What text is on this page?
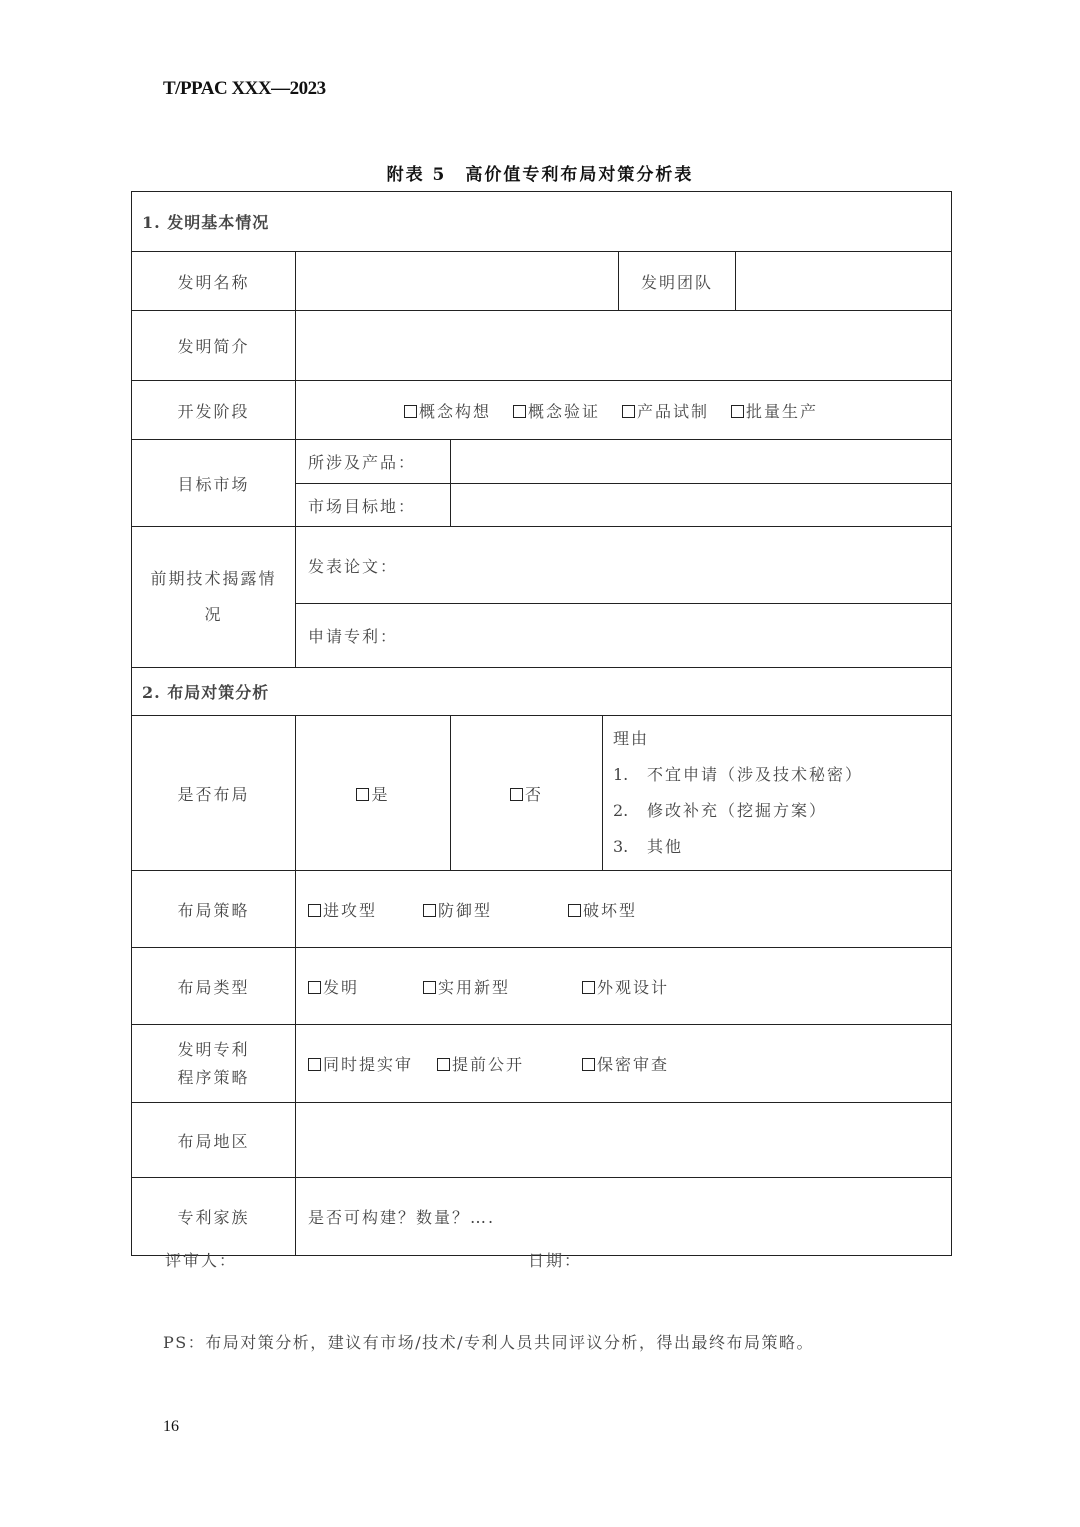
T/PPAC XXX—2023
附表 5　高价值专利布局对策分析表
1. 发明基本情况					
发明名称				发明团队	
发明简介					
开发阶段	概念构想 概念验证 产品试制 批量生产				
目标市场	所涉及产品：				
	市场目标地：				
前期技术揭露情况	发表论文：				
	申请专利：				
2. 布局对策分析					
是否布局	是	否	理由
1. 不宜申请（涉及技术秘密）
2. 修改补充（挖掘方案）
3. 其他		

布局策略	进攻型 防御型 破坏型				
布局类型	发明 实用新型 外观设计				

发明专利
程序策略	同时提实审 提前公开 保密审查				
布局地区					
专利家族	是否可构建？数量？….				
评审人：	日期：
PS：布局对策分析，建议有市场/技术/专利人员共同评议分析，得出最终布局策略。
16
